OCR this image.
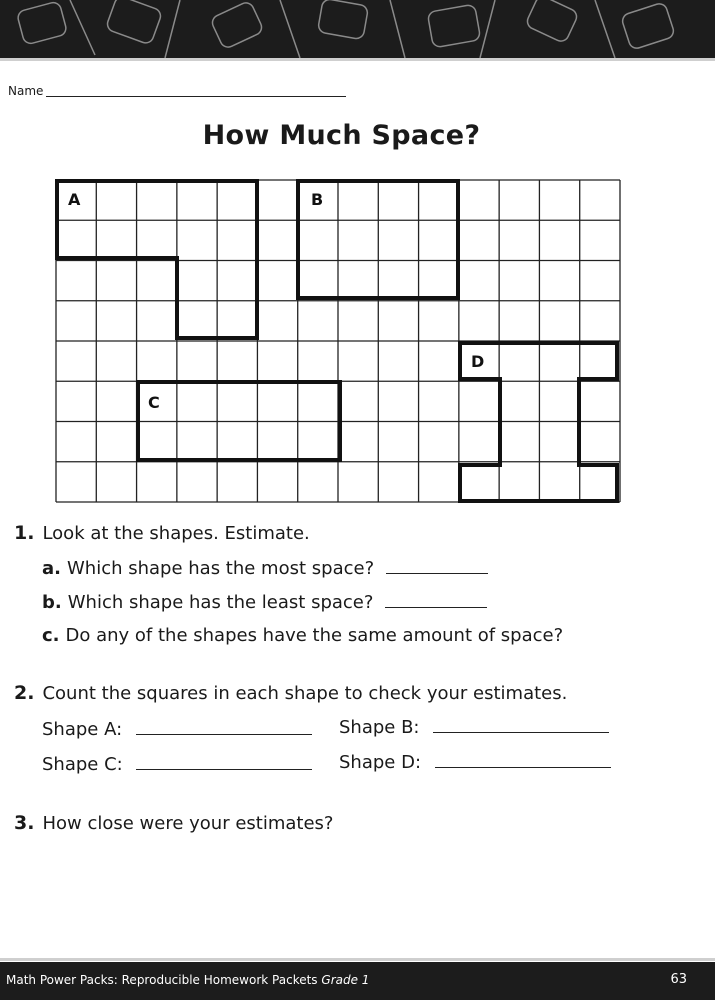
Name
How Much Space?
A	B
C
D
1. Look at the shapes. Estimate.
a. Which shape has the most space?
b. Which shape has the least space?
c. Do any of the shapes have the same amount of space?
2. Count the squares in each shape to check your estimates.
Shape A:	Shape B:
Shape C:	Shape D:
3. How close were your estimates?
Math Power Packs: Reproducible Homework Packets Grade 1	63
